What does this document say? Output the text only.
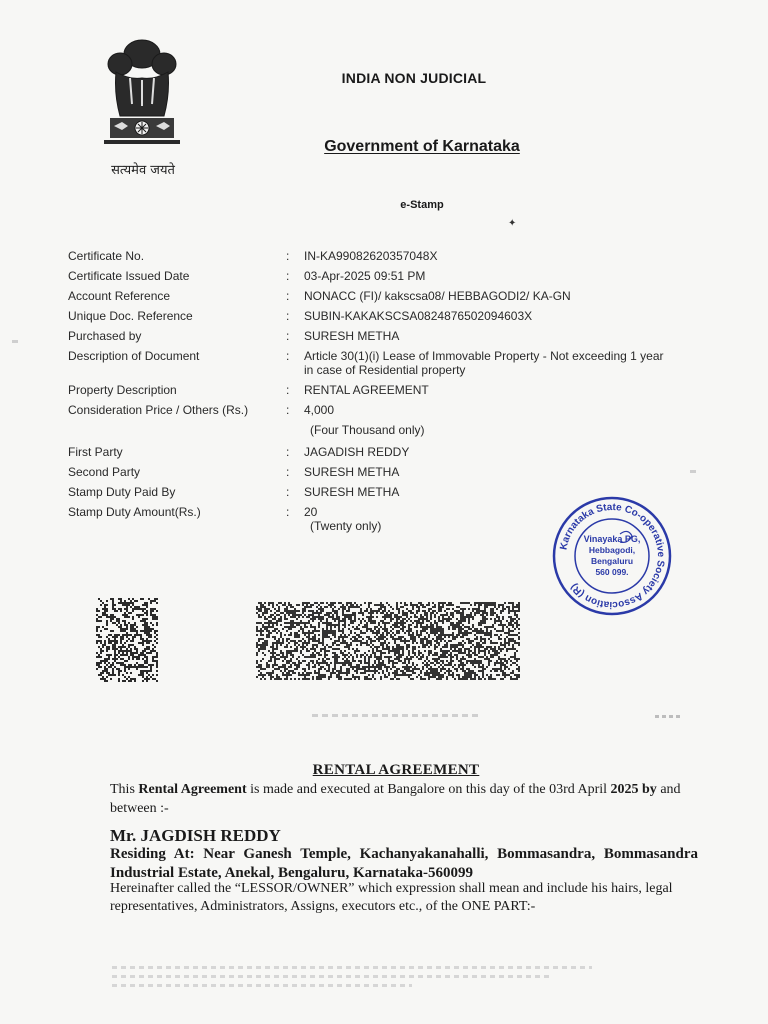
सत्यमेव जयते
INDIA NON JUDICIAL
Government of Karnataka
e-Stamp
✦
Certificate No.	:	IN-KA99082620357048X
Certificate Issued Date	:	03-Apr-2025 09:51 PM
Account Reference	:	NONACC (FI)/ kakscsa08/ HEBBAGODI2/ KA-GN
Unique Doc. Reference	:	SUBIN-KAKAKSCSA0824876502094603X
Purchased by	:	SURESH METHA
Description of Document	:	Article 30(1)(i) Lease of Immovable Property - Not exceeding 1 year
in case of Residential property
Property Description	:	RENTAL AGREEMENT
Consideration Price / Others (Rs.)	:	4,000
(Four Thousand only)
First Party	:	JAGADISH REDDY
Second Party	:	SURESH METHA
Stamp Duty Paid By	:	SURESH METHA
Stamp Duty Amount(Rs.)	:	20
(Twenty only)
Karnataka State Co-operative Society Association (R)
Vinayaka PG,
Hebbagodi,
Bengaluru
560 099.
RENTAL AGREEMENT
This Rental Agreement is made and executed at Bangalore on this day of the 03rd April 2025 by and between :-
Mr. JAGDISH REDDY
Residing At: Near Ganesh Temple, Kachanyakanahalli, Bommasandra, Bommasandra Industrial Estate, Anekal, Bengaluru, Karnataka-560099
Hereinafter called the “LESSOR/OWNER” which expression shall mean and include his hairs, legal representatives, Administrators, Assigns, executors etc., of the ONE PART:-
